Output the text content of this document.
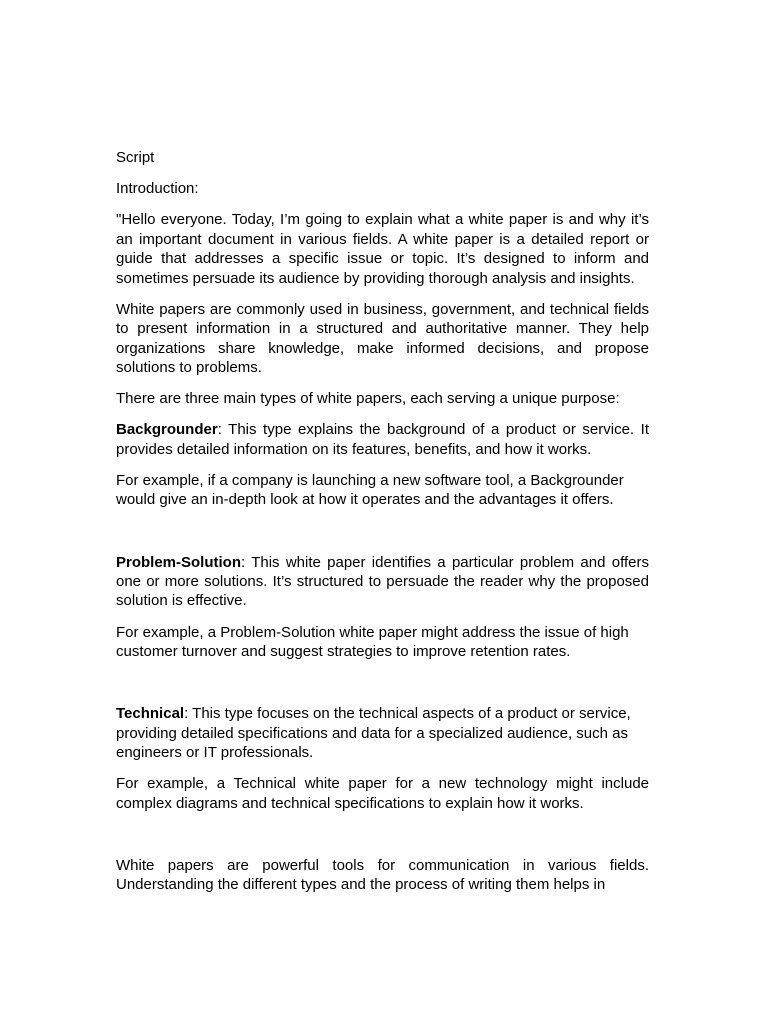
Script

Introduction:

"Hello everyone. Today, I’m going to explain what a white paper is and why it’s an important document in various fields. A white paper is a detailed report or guide that addresses a specific issue or topic. It’s designed to inform and sometimes persuade its audience by providing thorough analysis and insights.

White papers are commonly used in business, government, and technical fields to present information in a structured and authoritative manner. They help organizations share knowledge, make informed decisions, and propose solutions to problems.

There are three main types of white papers, each serving a unique purpose:

Backgrounder: This type explains the background of a product or service. It provides detailed information on its features, benefits, and how it works.

For example, if a company is launching a new software tool, a Backgrounder would give an in-depth look at how it operates and the advantages it offers.

Problem-Solution: This white paper identifies a particular problem and offers one or more solutions. It’s structured to persuade the reader why the proposed solution is effective.

For example, a Problem-Solution white paper might address the issue of high customer turnover and suggest strategies to improve retention rates.

Technical: This type focuses on the technical aspects of a product or service, providing detailed specifications and data for a specialized audience, such as engineers or IT professionals.

For example, a Technical white paper for a new technology might include complex diagrams and technical specifications to explain how it works.

White papers are powerful tools for communication in various fields. Understanding the different types and the process of writing them helps in
